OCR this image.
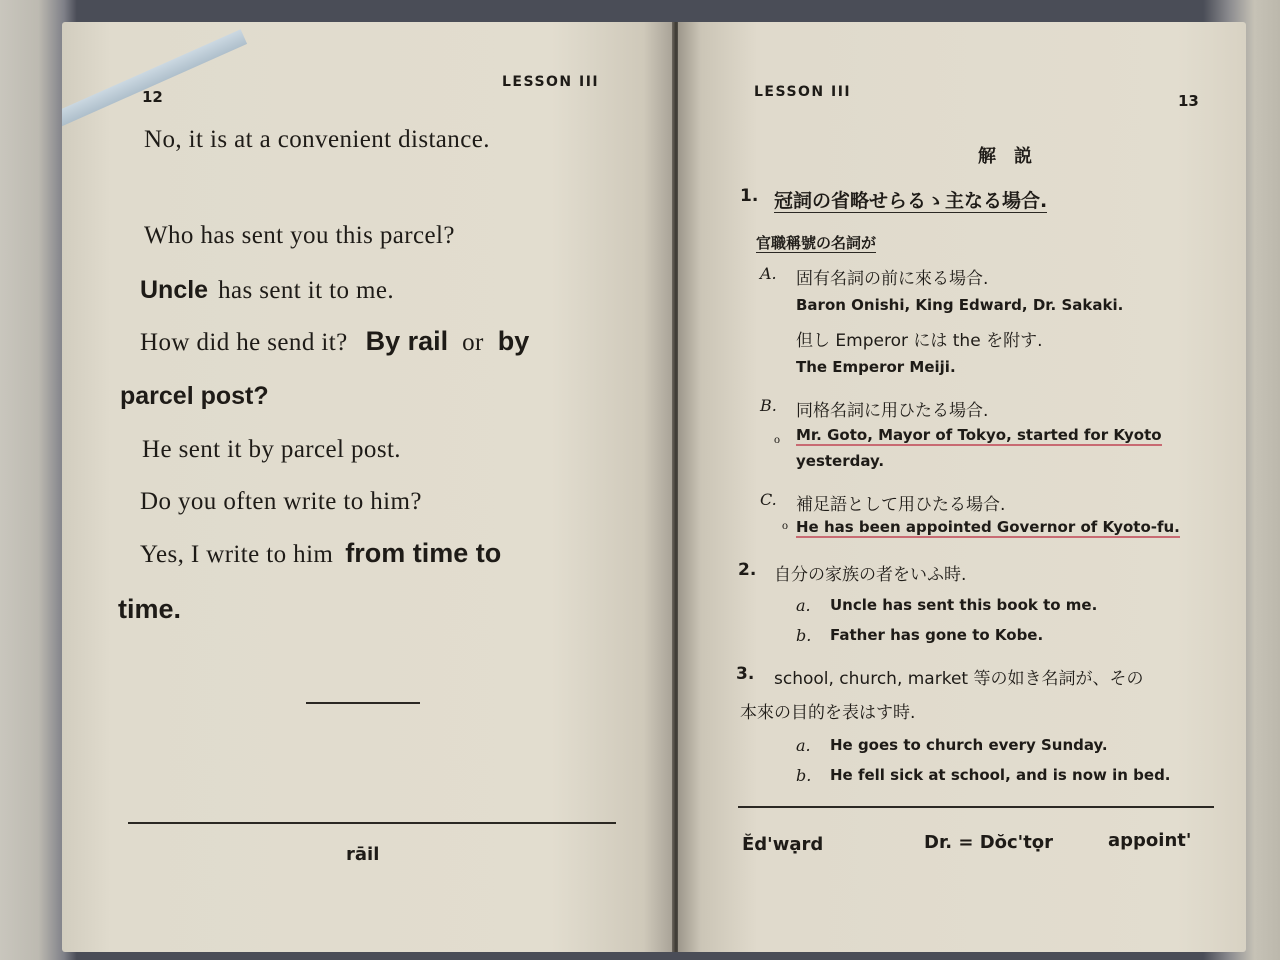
12
LESSON III
No, it is at a convenient distance.
Who has sent you this parcel?
Uncle has sent it to me.
How did he send it? By rail or by
parcel post?
He sent it by parcel post.
Do you often write to him?
Yes, I write to him from time to
time.
rāil
LESSON III	13
解　説
1. 冠詞の省略せらるゝ主なる場合.
官職稱號の名詞が
A. 固有名詞の前に來る場合.
Baron Onishi, King Edward, Dr. Sakaki.
但し Emperor には the を附す.
The Emperor Meiji.
B. 同格名詞に用ひたる場合.
o Mr. Goto, Mayor of Tokyo, started for Kyoto
yesterday.
C. 補足語として用ひたる場合.
o He has been appointed Governor of Kyoto-fu.
2. 自分の家族の者をいふ時.
a. Uncle has sent this book to me.
b. Father has gone to Kobe.
3. school, church, market 等の如き名詞が、その
本來の目的を表はす時.
a. He goes to church every Sunday.
b. He fell sick at school, and is now in bed.
Ĕd'wạrd	Dr. = Dŏc'tọr	appoint'
